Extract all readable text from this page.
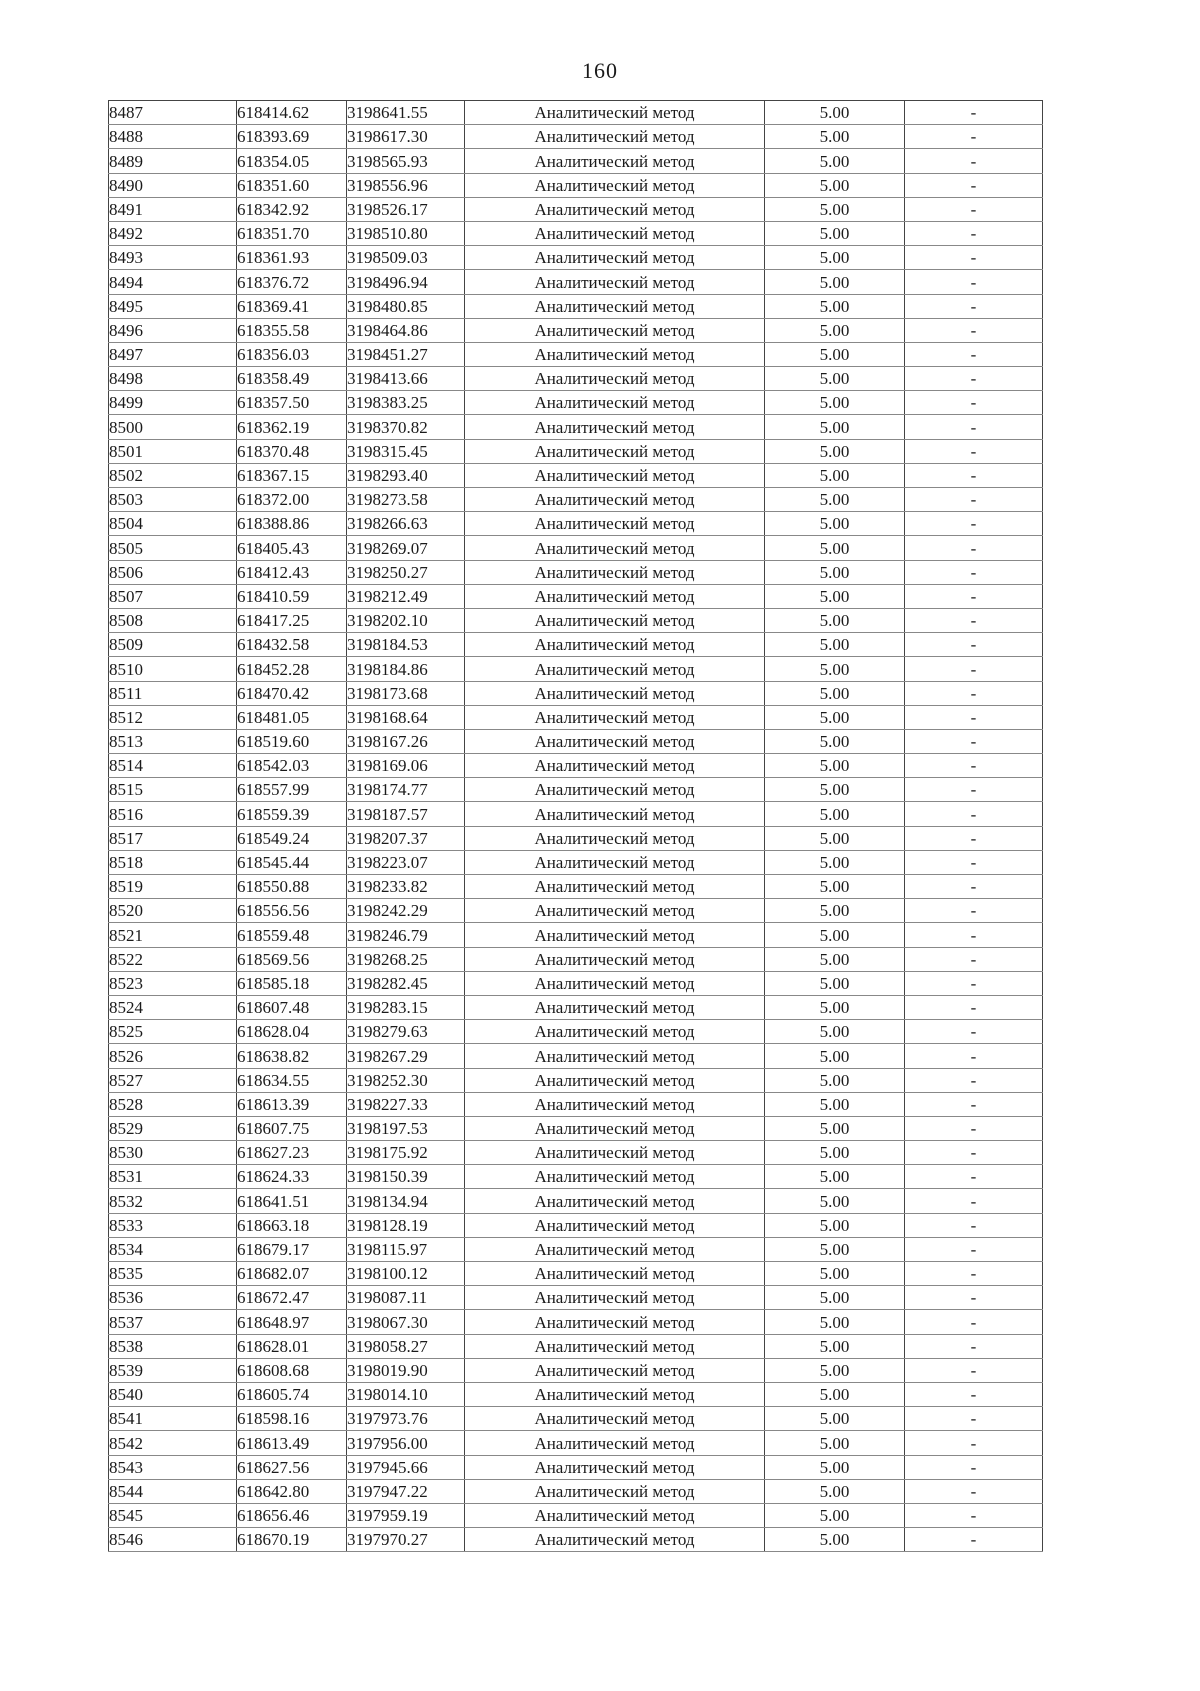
160
8487	618414.62	3198641.55	Аналитический метод	5.00	-
8488	618393.69	3198617.30	Аналитический метод	5.00	-
8489	618354.05	3198565.93	Аналитический метод	5.00	-
8490	618351.60	3198556.96	Аналитический метод	5.00	-
8491	618342.92	3198526.17	Аналитический метод	5.00	-
8492	618351.70	3198510.80	Аналитический метод	5.00	-
8493	618361.93	3198509.03	Аналитический метод	5.00	-
8494	618376.72	3198496.94	Аналитический метод	5.00	-
8495	618369.41	3198480.85	Аналитический метод	5.00	-
8496	618355.58	3198464.86	Аналитический метод	5.00	-
8497	618356.03	3198451.27	Аналитический метод	5.00	-
8498	618358.49	3198413.66	Аналитический метод	5.00	-
8499	618357.50	3198383.25	Аналитический метод	5.00	-
8500	618362.19	3198370.82	Аналитический метод	5.00	-
8501	618370.48	3198315.45	Аналитический метод	5.00	-
8502	618367.15	3198293.40	Аналитический метод	5.00	-
8503	618372.00	3198273.58	Аналитический метод	5.00	-
8504	618388.86	3198266.63	Аналитический метод	5.00	-
8505	618405.43	3198269.07	Аналитический метод	5.00	-
8506	618412.43	3198250.27	Аналитический метод	5.00	-
8507	618410.59	3198212.49	Аналитический метод	5.00	-
8508	618417.25	3198202.10	Аналитический метод	5.00	-
8509	618432.58	3198184.53	Аналитический метод	5.00	-
8510	618452.28	3198184.86	Аналитический метод	5.00	-
8511	618470.42	3198173.68	Аналитический метод	5.00	-
8512	618481.05	3198168.64	Аналитический метод	5.00	-
8513	618519.60	3198167.26	Аналитический метод	5.00	-
8514	618542.03	3198169.06	Аналитический метод	5.00	-
8515	618557.99	3198174.77	Аналитический метод	5.00	-
8516	618559.39	3198187.57	Аналитический метод	5.00	-
8517	618549.24	3198207.37	Аналитический метод	5.00	-
8518	618545.44	3198223.07	Аналитический метод	5.00	-
8519	618550.88	3198233.82	Аналитический метод	5.00	-
8520	618556.56	3198242.29	Аналитический метод	5.00	-
8521	618559.48	3198246.79	Аналитический метод	5.00	-
8522	618569.56	3198268.25	Аналитический метод	5.00	-
8523	618585.18	3198282.45	Аналитический метод	5.00	-
8524	618607.48	3198283.15	Аналитический метод	5.00	-
8525	618628.04	3198279.63	Аналитический метод	5.00	-
8526	618638.82	3198267.29	Аналитический метод	5.00	-
8527	618634.55	3198252.30	Аналитический метод	5.00	-
8528	618613.39	3198227.33	Аналитический метод	5.00	-
8529	618607.75	3198197.53	Аналитический метод	5.00	-
8530	618627.23	3198175.92	Аналитический метод	5.00	-
8531	618624.33	3198150.39	Аналитический метод	5.00	-
8532	618641.51	3198134.94	Аналитический метод	5.00	-
8533	618663.18	3198128.19	Аналитический метод	5.00	-
8534	618679.17	3198115.97	Аналитический метод	5.00	-
8535	618682.07	3198100.12	Аналитический метод	5.00	-
8536	618672.47	3198087.11	Аналитический метод	5.00	-
8537	618648.97	3198067.30	Аналитический метод	5.00	-
8538	618628.01	3198058.27	Аналитический метод	5.00	-
8539	618608.68	3198019.90	Аналитический метод	5.00	-
8540	618605.74	3198014.10	Аналитический метод	5.00	-
8541	618598.16	3197973.76	Аналитический метод	5.00	-
8542	618613.49	3197956.00	Аналитический метод	5.00	-
8543	618627.56	3197945.66	Аналитический метод	5.00	-
8544	618642.80	3197947.22	Аналитический метод	5.00	-
8545	618656.46	3197959.19	Аналитический метод	5.00	-
8546	618670.19	3197970.27	Аналитический метод	5.00	-
